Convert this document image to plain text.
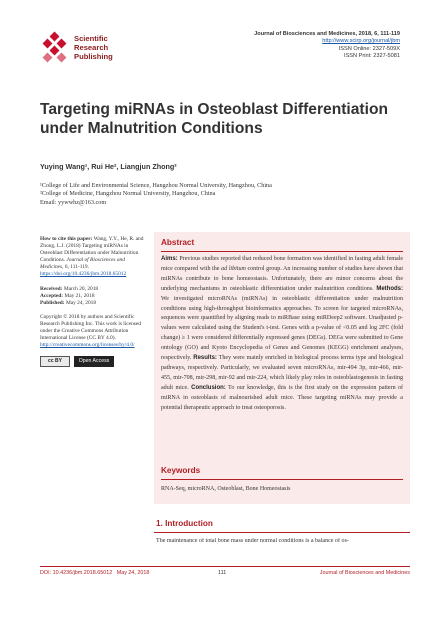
Scientific
Research
Publishing
Journal of Biosciences and Medicines, 2018, 6, 111-119
http://www.scirp.org/journal/jbm
ISSN Online: 2327-509X
ISSN Print: 2327-5081
Targeting miRNAs in Osteoblast Differentiation under Malnutrition Conditions
Yuying Wang¹, Rui He², Liangjun Zhong²
¹College of Life and Environmental Science, Hangzhou Normal University, Hangzhou, China
²College of Medicine, Hangzhou Normal University, Hangzhou, China
Email: yywwhz@163.com

How to cite this paper: Wang, Y.Y., He, R. and Zhong, L.J. (2018) Targeting miRNAs in Osteoblast Differentiation under Malnutrition Conditions. Journal of Biosciences and Medicines, 6, 111-119. https://doi.org/10.4236/jbm.2018.65012

Received: March 20, 2018
Accepted: May 21, 2018
Published: May 24, 2018

Copyright © 2018 by authors and Scientific Research Publishing Inc. This work is licensed under the Creative Commons Attribution International License (CC BY 4.0).
http://creativecommons.org/licenses/by/4.0/

cc BY	Open Access
Abstract
Aims: Previous studies reported that reduced bone formation was identified in fasting adult female mice compared with the ad libitum control group. An increasing number of studies have shown that miRNAs contribute to bone homeostasis. Unfortunately, there are minor concerns about the underlying mechanisms in osteoblastic differentiation under malnutrition conditions. Methods: We investigated microRNAs (miRNAs) in osteoblastic differentiation under malnutrition conditions using high-throughput bioinformatics approaches. To screen for targeted microRNAs, sequences were quantified by aligning reads to miRBase using miRDeep2 software. Unadjusted p-values were calculated using the Student's t-test. Genes with a p-value of <0.05 and log 2FC (fold change) ≥ 1 were considered differentially expressed genes (DEGs). DEGs were submitted to Gene ontology (GO) and Kyoto Encyclopedia of Genes and Genomes (KEGG) enrichment analyses, respectively. Results: They were mainly enriched in biological process terms type and biological pathways, respectively. Particularly, we evaluated seven microRNAs, mir-494 3p, mir-466, mir-455, mir-708, mir-298, mir-92 and mir-224, which likely play roles in osteoblastogenesis in fasting adult mice. Conclusion: To our knowledge, this is the first study on the expression pattern of miRNA in osteoblasts of malnourished adult mice. These targeting miRNAs may provide a potential therapeutic approach to treat osteoporosis.
Keywords
RNA-Seq, microRNA, Osteoblast, Bone Homeostasis
1. Introduction
The maintenance of total bone mass under normal conditions is a balance of os-
DOI: 10.4236/jbm.2018.65012 May 24, 2018	111	Journal of Biosciences and Medicines
